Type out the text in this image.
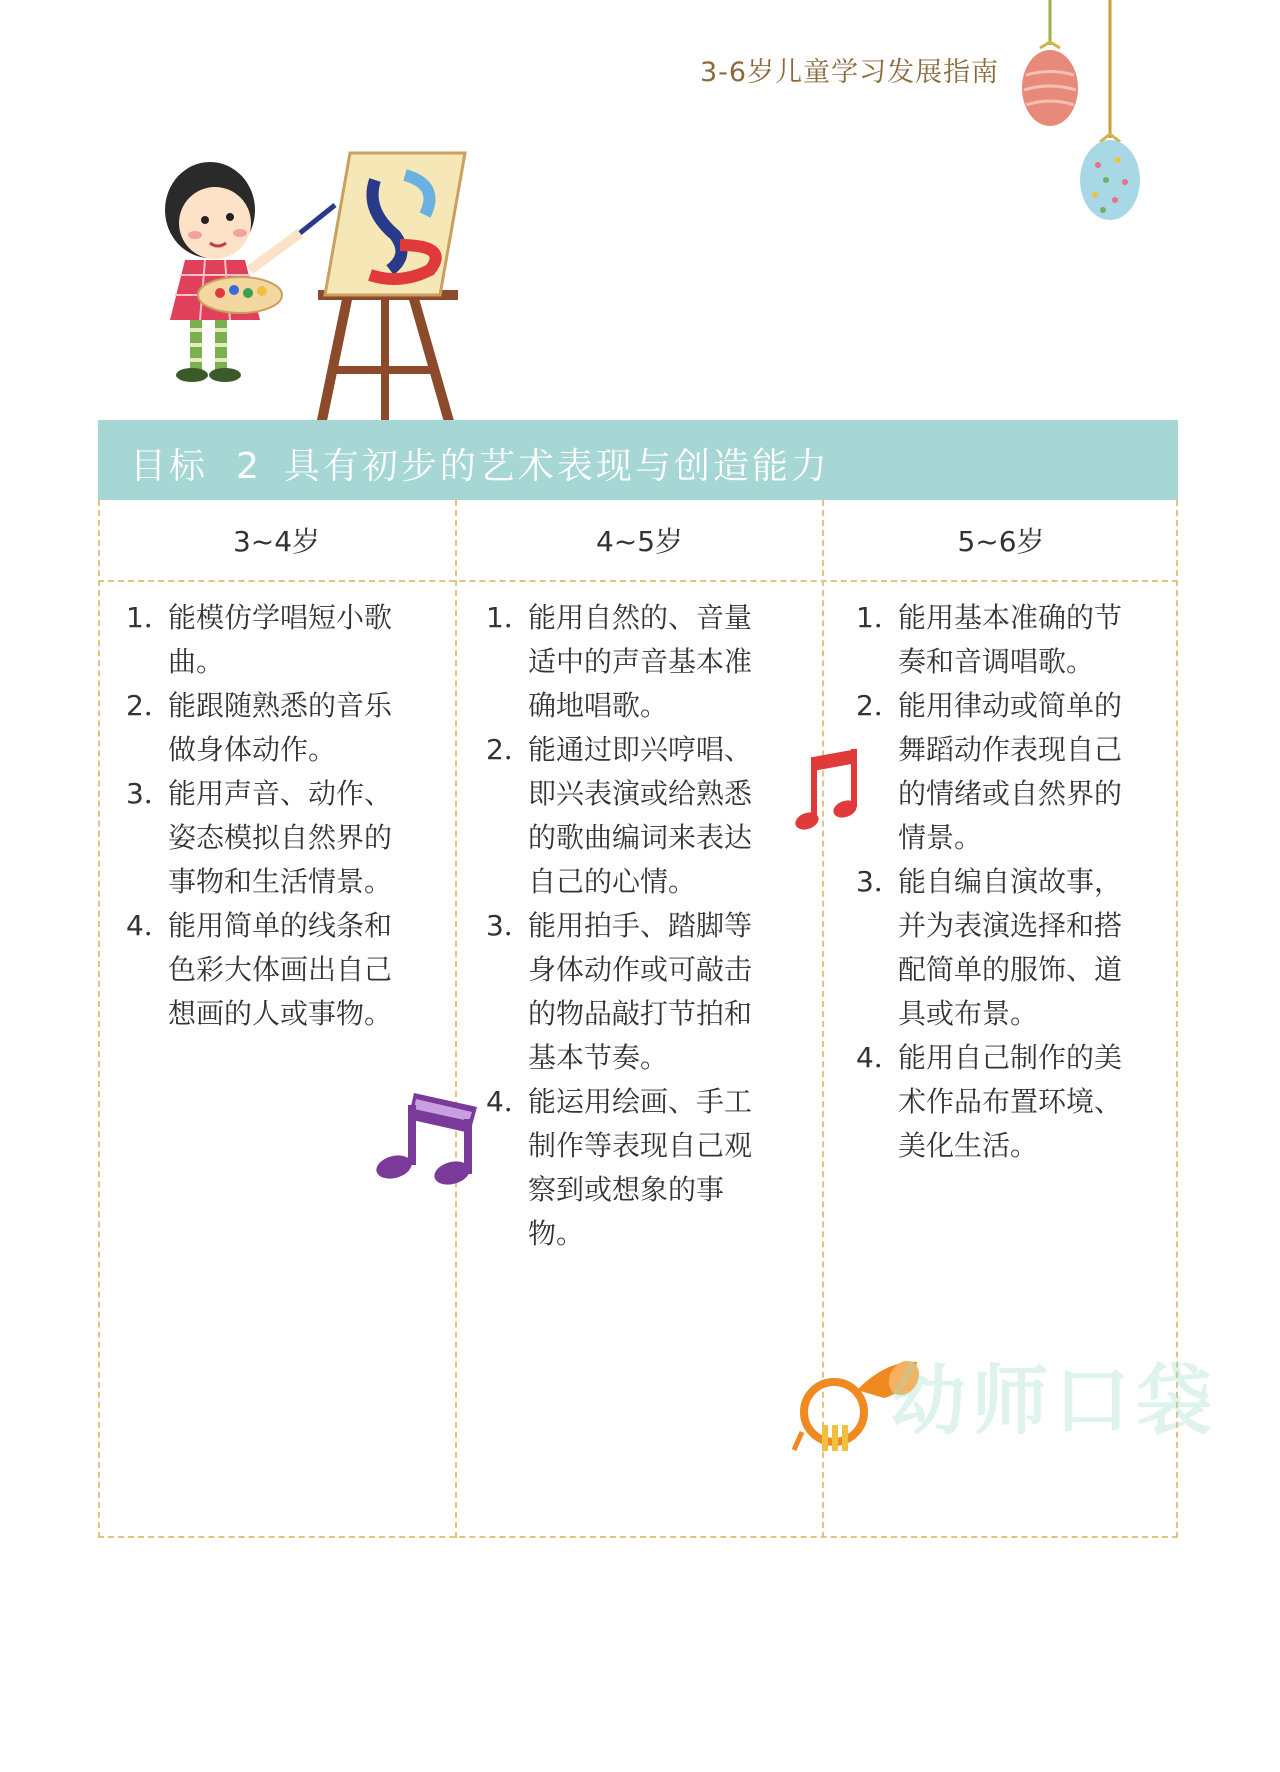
3-6岁儿童学习发展指南
目标 2 具有初步的艺术表现与创造能力
3~4岁	4~5岁	5~6岁
1．
能模仿学唱短小歌曲。
2．
能跟随熟悉的音乐做身体动作。
3．
能用声音、动作、姿态模拟自然界的事物和生活情景。
4．
能用简单的线条和色彩大体画出自己想画的人或事物。
1．
能用自然的、音量适中的声音基本准确地唱歌。
2．
能通过即兴哼唱、即兴表演或给熟悉的歌曲编词来表达自己的心情。
3．
能用拍手、踏脚等身体动作或可敲击的物品敲打节拍和基本节奏。
4．
能运用绘画、手工制作等表现自己观察到或想象的事物。
1．
能用基本准确的节奏和音调唱歌。
2．
能用律动或简单的舞蹈动作表现自己的情绪或自然界的情景。
3．
能自编自演故事，并为表演选择和搭配简单的服饰、道具或布景。
4．
能用自己制作的美术作品布置环境、美化生活。
幼师口袋
